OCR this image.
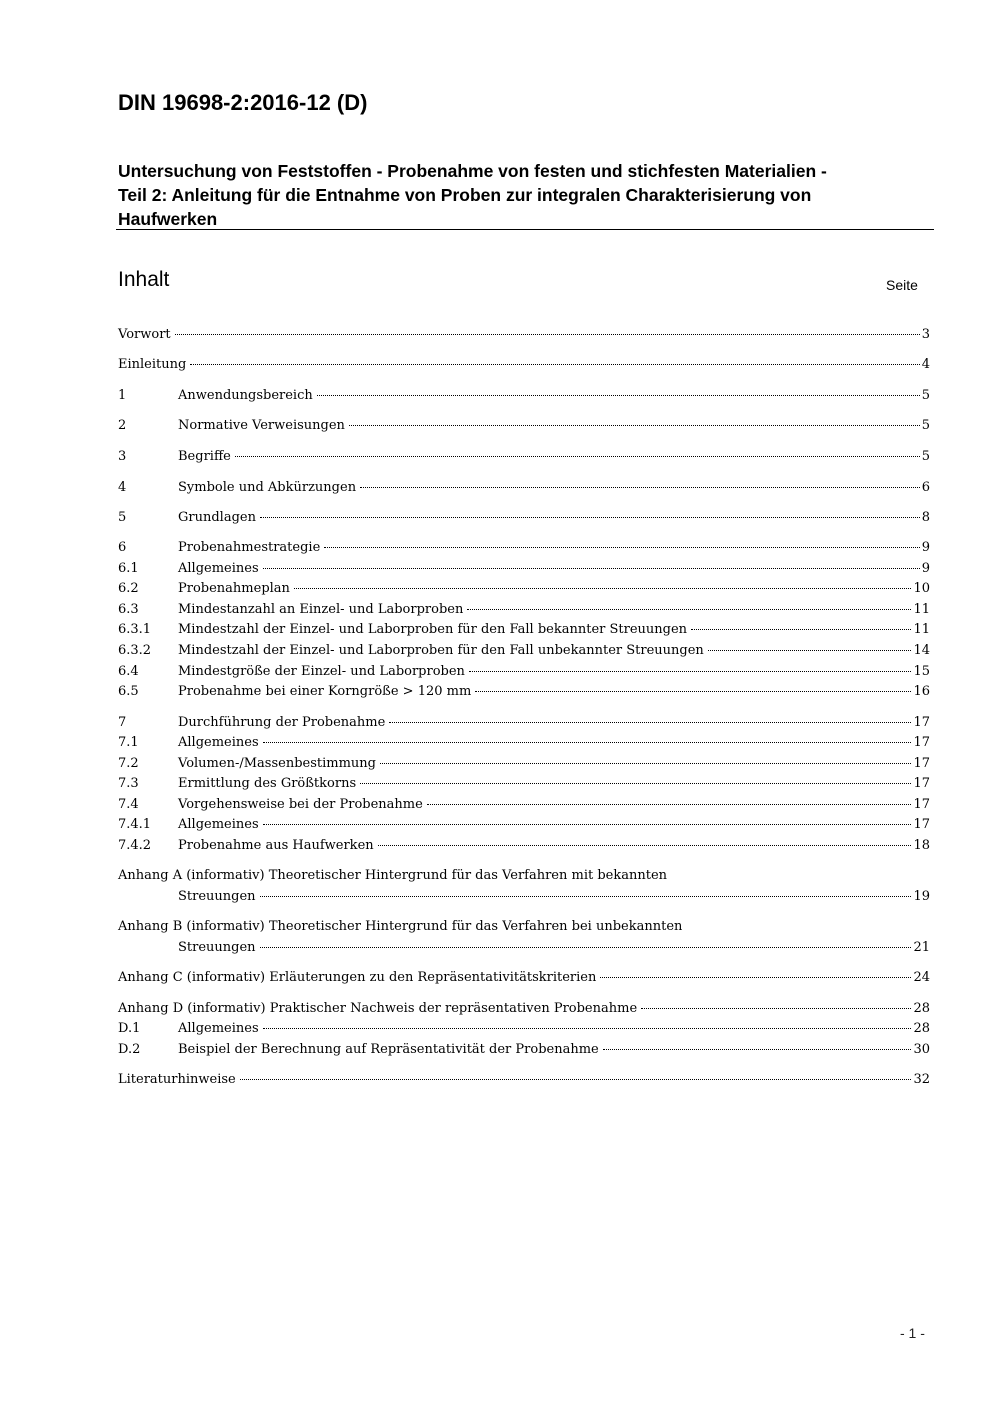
DIN 19698-2:2016-12 (D)
Untersuchung von Feststoffen - Probenahme von festen und stichfesten Materialien -
Teil 2: Anleitung für die Entnahme von Proben zur integralen Charakterisierung von
Haufwerken
Inhalt	Seite
Vorwort	3
Einleitung	4
1	Anwendungsbereich	5
2	Normative Verweisungen	5
3	Begriffe	5
4	Symbole und Abkürzungen	6
5	Grundlagen	8
6	Probenahmestrategie	9
6.1	Allgemeines	9
6.2	Probenahmeplan	10
6.3	Mindestanzahl an Einzel- und Laborproben	11
6.3.1	Mindestzahl der Einzel- und Laborproben für den Fall bekannter Streuungen	11
6.3.2	Mindestzahl der Einzel- und Laborproben für den Fall unbekannter Streuungen	14
6.4	Mindestgröße der Einzel- und Laborproben	15
6.5	Probenahme bei einer Korngröße > 120 mm	16
7	Durchführung der Probenahme	17
7.1	Allgemeines	17
7.2	Volumen-/Massenbestimmung	17
7.3	Ermittlung des Größtkorns	17
7.4	Vorgehensweise bei der Probenahme	17
7.4.1	Allgemeines	17
7.4.2	Probenahme aus Haufwerken	18
Anhang A (informativ) Theoretischer Hintergrund für das Verfahren mit bekannten
Streuungen	19
Anhang B (informativ) Theoretischer Hintergrund für das Verfahren bei unbekannten
Streuungen	21
Anhang C (informativ) Erläuterungen zu den Repräsentativitätskriterien	24
Anhang D (informativ) Praktischer Nachweis der repräsentativen Probenahme	28
D.1	Allgemeines	28
D.2	Beispiel der Berechnung auf Repräsentativität der Probenahme	30
Literaturhinweise	32
- 1 -
